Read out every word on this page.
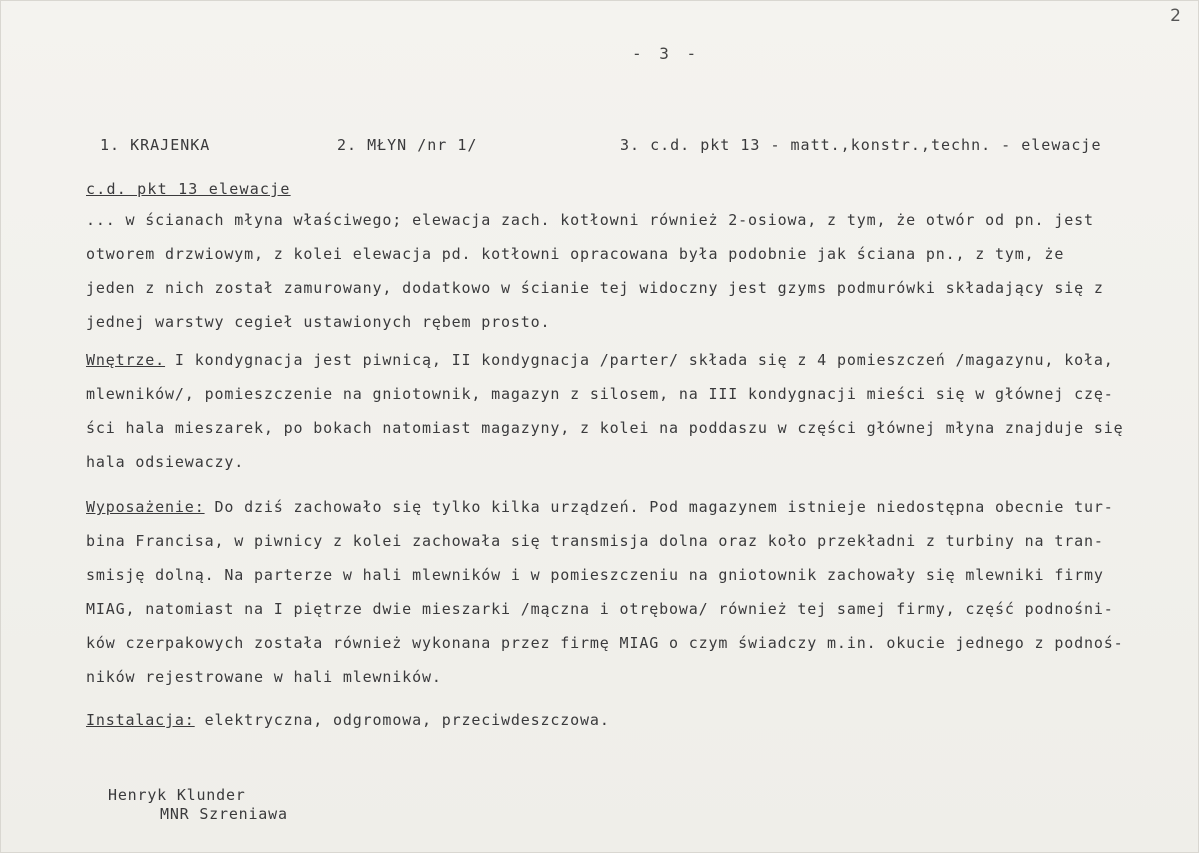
2
- 3 -
1. KRAJENKA	2. MŁYN /nr 1/	3. c.d. pkt 13 - matt.,konstr.,techn. - elewacje
c.d. pkt 13 elewacje
... w ścianach młyna właściwego; elewacja zach. kotłowni również 2-osiowa, z tym, że otwór od pn. jest
otworem drzwiowym, z kolei elewacja pd. kotłowni opracowana była podobnie jak ściana pn., z tym, że
jeden z nich został zamurowany, dodatkowo w ścianie tej widoczny jest gzyms podmurówki składający się z
jednej warstwy cegieł ustawionych rębem prosto.
Wnętrze. I kondygnacja jest piwnicą, II kondygnacja /parter/ składa się z 4 pomieszczeń /magazynu, koła,
mlewników/, pomieszczenie na gniotownik, magazyn z silosem, na III kondygnacji mieści się w głównej czę-
ści hala mieszarek, po bokach natomiast magazyny, z kolei na poddaszu w części głównej młyna znajduje się
hala odsiewaczy.
Wyposażenie: Do dziś zachowało się tylko kilka urządzeń. Pod magazynem istnieje niedostępna obecnie tur-
bina Francisa, w piwnicy z kolei zachowała się transmisja dolna oraz koło przekładni z turbiny na tran-
smisję dolną. Na parterze w hali mlewników i w pomieszczeniu na gniotownik zachowały się mlewniki firmy
MIAG, natomiast na I piętrze dwie mieszarki /mączna i otrębowa/ również tej samej firmy, część podnośni-
ków czerpakowych została również wykonana przez firmę MIAG o czym świadczy m.in. okucie jednego z podnoś-
ników rejestrowane w hali mlewników.
Instalacja: elektryczna, odgromowa, przeciwdeszczowa.
Henryk Klunder
MNR Szreniawa
